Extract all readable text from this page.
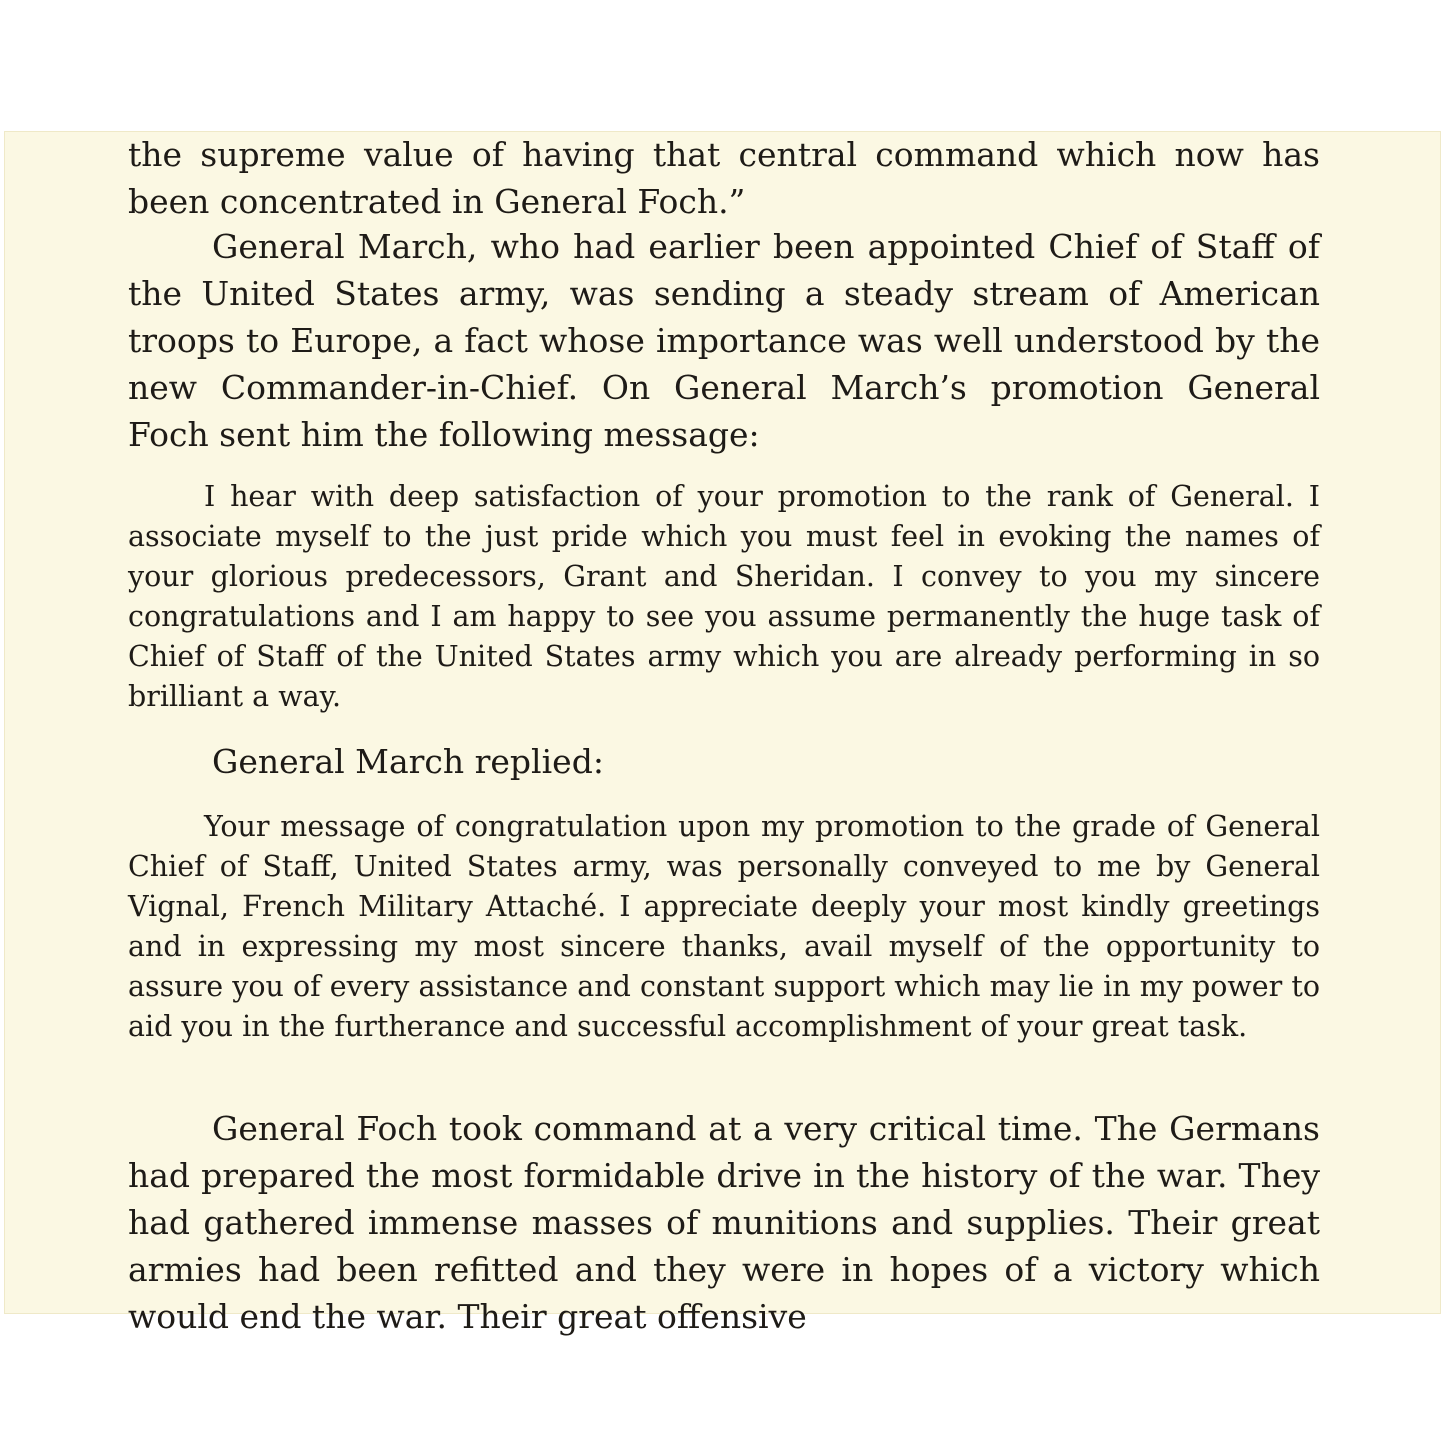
the supreme value of having that central command which now has been concentrated in General Foch.”

General March, who had earlier been appointed Chief of Staff of the United States army, was sending a steady stream of American troops to Europe, a fact whose importance was well understood by the new Commander-in-Chief. On General March’s promotion General Foch sent him the following message:

I hear with deep satisfaction of your promotion to the rank of General. I associate myself to the just pride which you must feel in evoking the names of your glorious predecessors, Grant and Sheridan. I convey to you my sincere congratulations and I am happy to see you assume permanently the huge task of Chief of Staff of the United States army which you are already performing in so brilliant a way.

General March replied:

Your message of congratulation upon my promotion to the grade of General Chief of Staff, United States army, was personally conveyed to me by General Vignal, French Military Attaché. I appreciate deeply your most kindly greetings and in expressing my most sincere thanks, avail myself of the opportunity to assure you of every assistance and constant support which may lie in my power to aid you in the furtherance and successful accomplishment of your great task.

General Foch took command at a very critical time. The Germans had prepared the most formidable drive in the history of the war. They had gathered immense masses of munitions and supplies. Their great armies had been refitted and they were in hopes of a victory which would end the war. Their great offensive
